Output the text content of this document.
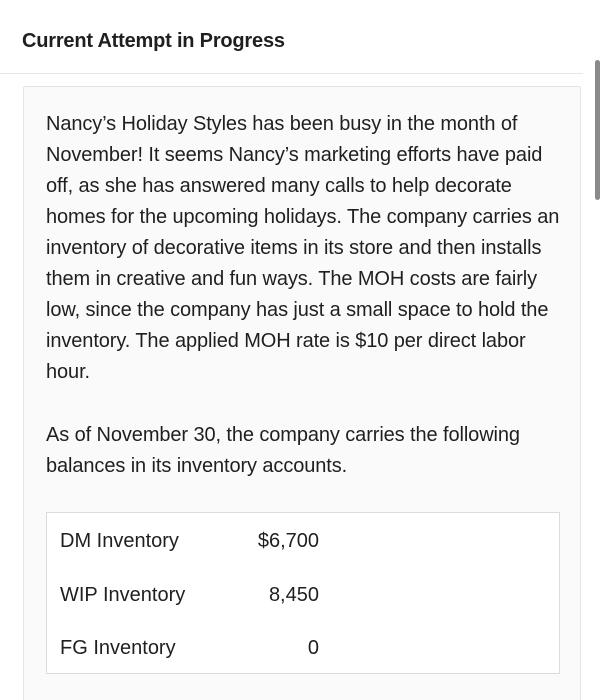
Current Attempt in Progress
Nancy’s Holiday Styles has been busy in the month of November! It seems Nancy’s marketing efforts have paid off, as she has answered many calls to help decorate homes for the upcoming holidays. The company carries an inventory of decorative items in its store and then installs them in creative and fun ways. The MOH costs are fairly low, since the company has just a small space to hold the inventory. The applied MOH rate is $10 per direct labor hour.
As of November 30, the company carries the following balances in its inventory accounts.
DM Inventory	$6,700
WIP Inventory	8,450
FG Inventory	0
